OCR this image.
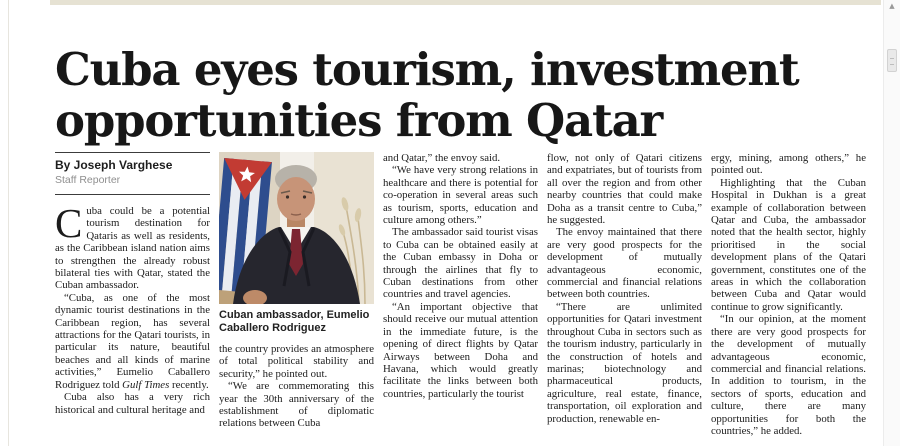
Cuba eyes tourism, investment
opportunities from Qatar
By Joseph Varghese
Staff Reporter

Cuba could be a potential tourism destination for Qataris as well as residents, as the Caribbean island nation aims to strengthen the already robust bilateral ties with Qatar, stated the Cuban ambassador.

“Cuba, as one of the most dynamic tourist destinations in the Caribbean region, has several attractions for the Qatari tourists, in particular its nature, beautiful beaches and all kinds of marine activities,” Eumelio Caballero Rodriguez told Gulf Times recently.

Cuba also has a very rich historical and cultural heritage and

Cuban ambassador, Eumelio Caballero Rodriguez

the country provides an atmosphere of total political stability and security,” he pointed out.

“We are commemorating this year the 30th anniversary of the establishment of diplomatic relations between Cuba

and Qatar,” the envoy said.

“We have very strong relations in healthcare and there is potential for co-operation in several areas such as tourism, sports, education and culture among others.”

The ambassador said tourist visas to Cuba can be obtained easily at the Cuban embassy in Doha or through the airlines that fly to Cuban destinations from other countries and travel agencies.

“An important objective that should receive our mutual attention in the immediate future, is the opening of direct flights by Qatar Airways between Doha and Havana, which would greatly facilitate the links between both countries, particularly the tourist

flow, not only of Qatari citizens and expatriates, but of tourists from all over the region and from other nearby countries that could make Doha as a transit centre to Cuba,” he suggested.

The envoy maintained that there are very good prospects for the development of mutually advantageous economic, commercial and financial relations between both countries.

“There are unlimited opportunities for Qatari investment throughout Cuba in sectors such as the tourism industry, particularly in the construction of hotels and marinas; biotechnology and pharmaceutical products, agriculture, real estate, finance, transportation, oil exploration and production, renewable en-

ergy, mining, among others,” he pointed out.

Highlighting that the Cuban Hospital in Dukhan is a great example of collaboration between Qatar and Cuba, the ambassador noted that the health sector, highly prioritised in the social development plans of the Qatari government, constitutes one of the areas in which the collaboration between Cuba and Qatar would continue to grow significantly.

“In our opinion, at the moment there are very good prospects for the development of mutually advantageous economic, commercial and financial relations. In addition to tourism, in the sectors of sports, education and culture, there are many opportunities for both the countries,” he added.

▲
